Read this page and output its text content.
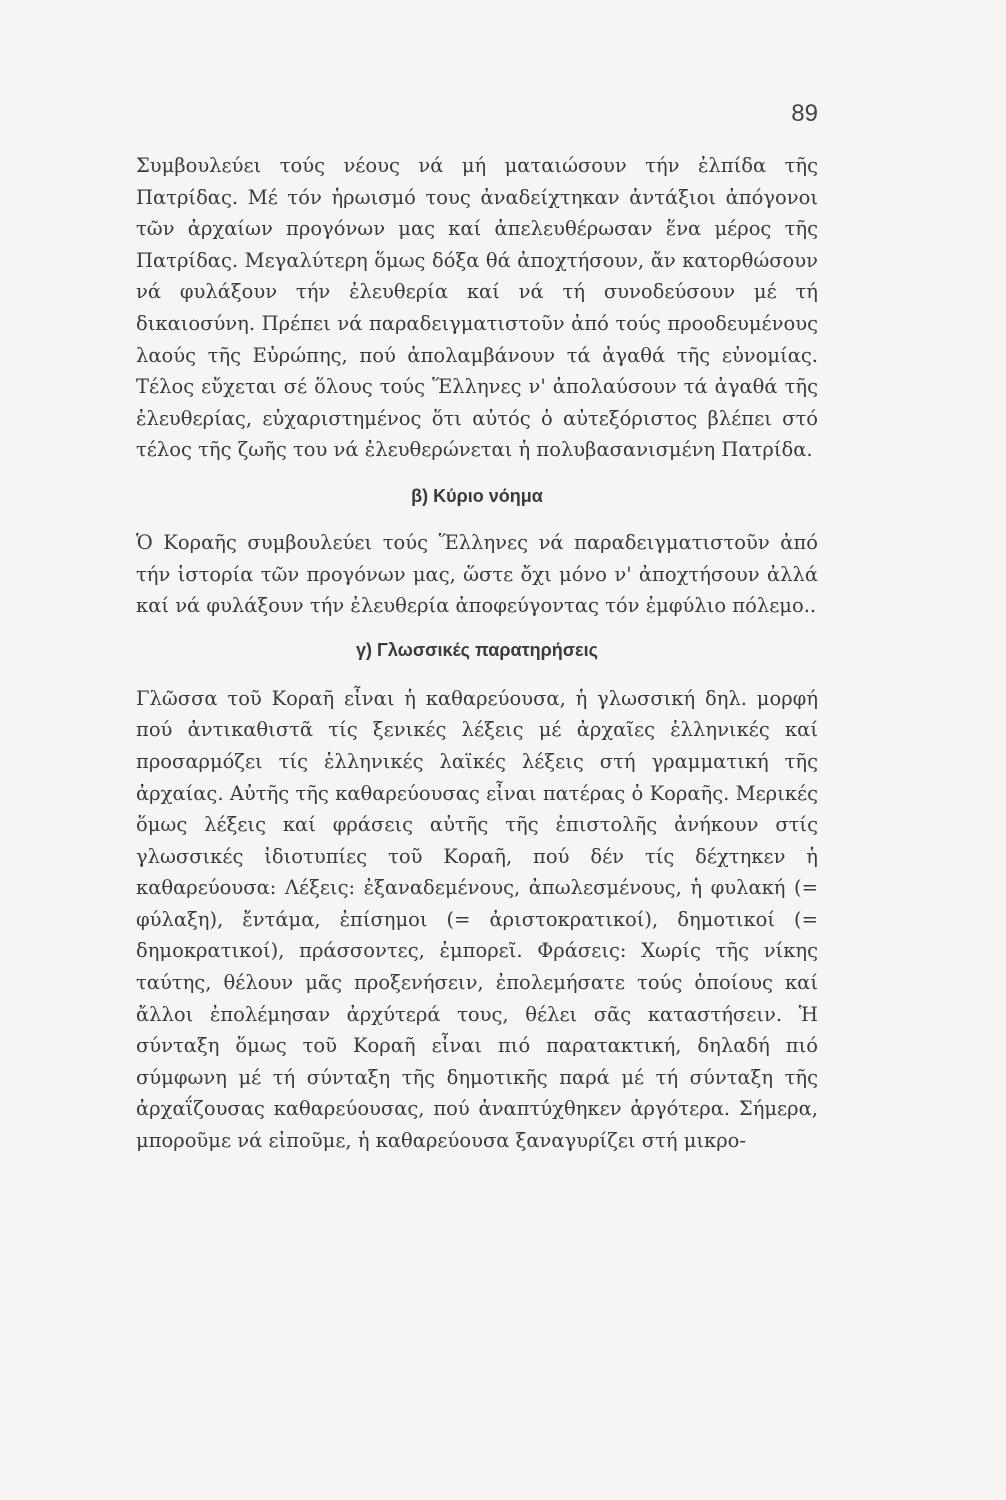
89

Συμβουλεύει τούς νέους νά μή ματαιώσουν τήν ἐλπίδα τῆς Πατρίδας. Μέ τόν ἡρωισμό τους ἀναδείχτηκαν ἀντάξιοι ἀπόγονοι τῶν ἀρχαίων προγόνων μας καί ἀπελευθέρωσαν ἕνα μέρος τῆς Πατρίδας. Μεγαλύτερη ὅμως δόξα θά ἀποχτήσουν, ἄν κατορθώσουν νά φυλάξουν τήν ἐλευθερία καί νά τή συνοδεύσουν μέ τή δικαιοσύνη. Πρέπει νά παραδειγματιστοῦν ἀπό τούς προοδευμένους λαούς τῆς Εὐρώπης, πού ἀπολαμβάνουν τά ἀγαθά τῆς εὐνομίας. Τέλος εὔχεται σέ ὅλους τούς Ἕλληνες ν' ἀπολαύσουν τά ἀγαθά τῆς ἐλευθερίας, εὐχαριστημένος ὅτι αὐτός ὁ αὐτεξόριστος βλέπει στό τέλος τῆς ζωῆς του νά ἐλευθερώνεται ἡ πολυβασανισμένη Πατρίδα.

β) Κύριο νόημα

Ὁ Κοραῆς συμβουλεύει τούς Ἕλληνες νά παραδειγματιστοῦν ἀπό τήν ἱστορία τῶν προγόνων μας, ὥστε ὄχι μόνο ν' ἀποχτήσουν ἀλλά καί νά φυλάξουν τήν ἐλευθερία ἀποφεύγοντας τόν ἐμφύλιο πόλεμο..

γ) Γλωσσικές παρατηρήσεις

Γλῶσσα τοῦ Κοραῆ εἶναι ἡ καθαρεύουσα, ἡ γλωσσική δηλ. μορφή πού ἀντικαθιστᾶ τίς ξενικές λέξεις μέ ἀρχαῖες ἑλληνικές καί προσαρμόζει τίς ἑλληνικές λαϊκές λέξεις στή γραμματική τῆς ἀρχαίας. Αὐτῆς τῆς καθαρεύουσας εἶναι πατέρας ὁ Κοραῆς. Μερικές ὅμως λέξεις καί φράσεις αὐτῆς τῆς ἐπιστολῆς ἀνήκουν στίς γλωσσικές ἰδιοτυπίες τοῦ Κοραῆ, πού δέν τίς δέχτηκεν ἡ καθαρεύουσα: Λέξεις: ἐξαναδεμένους, ἀπωλεσμένους, ἡ φυλακή (= φύλαξη), ἔντάμα, ἐπίσημοι (= ἀριστοκρατικοί), δημοτικοί (= δημοκρατικοί), πράσσοντες, ἐμπορεῖ. Φράσεις: Χωρίς τῆς νίκης ταύτης, θέλουν μᾶς προξενήσειν, ἐπολεμήσατε τούς ὁποίους καί ἄλλοι ἐπολέμησαν ἀρχύτερά τους, θέλει σᾶς καταστήσειν. Ἡ σύνταξη ὅμως τοῦ Κοραῆ εἶναι πιό παρατακτική, δηλαδή πιό σύμφωνη μέ τή σύνταξη τῆς δημοτικῆς παρά μέ τή σύνταξη τῆς ἀρχαΐζουσας καθαρεύουσας, πού ἀναπτύχθηκεν ἀργότερα. Σήμερα, μποροῦμε νά εἰποῦμε, ἡ καθαρεύουσα ξαναγυρίζει στή μικρο-
